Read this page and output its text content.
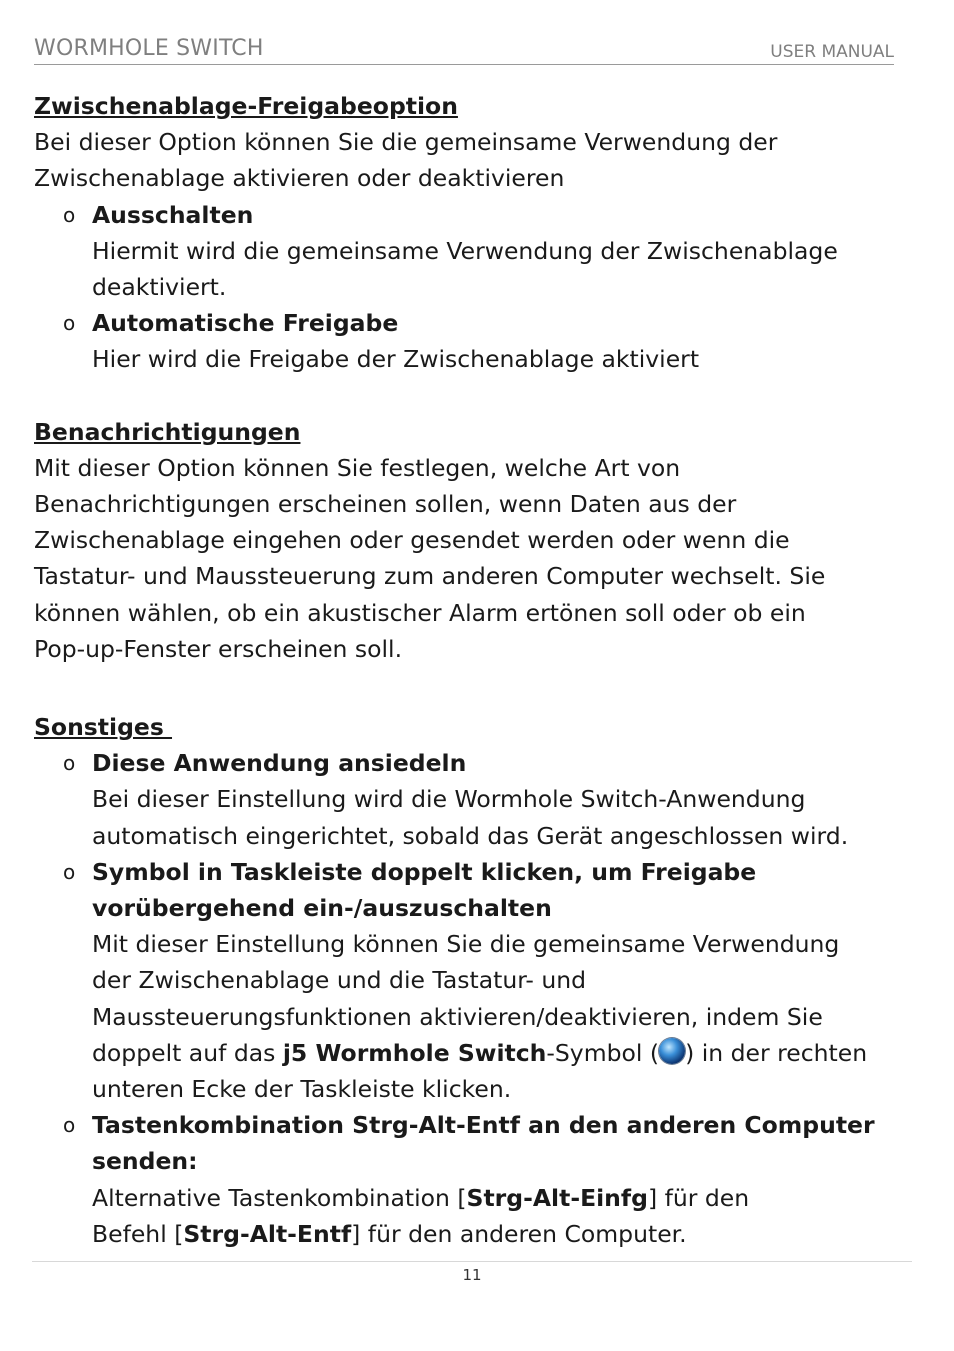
WORMHOLE SWITCH	USER MANUAL

Zwischenablage-Freigabeoption

Bei dieser Option können Sie die gemeinsame Verwendung der

Zwischenablage aktivieren oder deaktivieren

o Ausschalten

Hiermit wird die gemeinsame Verwendung der Zwischenablage

deaktiviert.

o Automatische Freigabe

Hier wird die Freigabe der Zwischenablage aktiviert

Benachrichtigungen

Mit dieser Option können Sie festlegen, welche Art von

Benachrichtigungen erscheinen sollen, wenn Daten aus der

Zwischenablage eingehen oder gesendet werden oder wenn die

Tastatur- und Maussteuerung zum anderen Computer wechselt. Sie

können wählen, ob ein akustischer Alarm ertönen soll oder ob ein

Pop-up-Fenster erscheinen soll.

Sonstiges

o Diese Anwendung ansiedeln

Bei dieser Einstellung wird die Wormhole Switch-Anwendung

automatisch eingerichtet, sobald das Gerät angeschlossen wird.

o Symbol in Taskleiste doppelt klicken, um Freigabe

vorübergehend ein-/auszuschalten

Mit dieser Einstellung können Sie die gemeinsame Verwendung

der Zwischenablage und die Tastatur- und

Maussteuerungsfunktionen aktivieren/deaktivieren, indem Sie

doppelt auf das j5 Wormhole Switch-Symbol ( ) in der rechten

unteren Ecke der Taskleiste klicken.

o Tastenkombination Strg-Alt-Entf an den anderen Computer

senden:

Alternative Tastenkombination [Strg-Alt-Einfg] für den

Befehl [Strg-Alt-Entf] für den anderen Computer.

11
